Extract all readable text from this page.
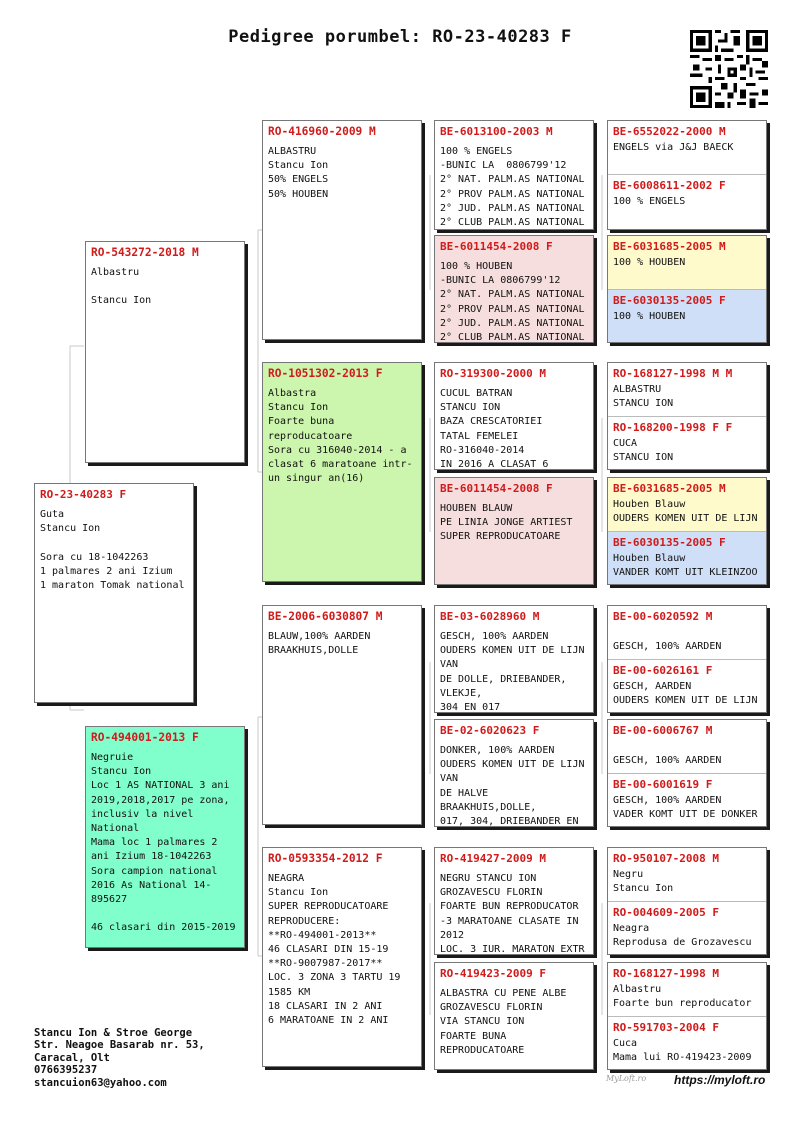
Pedigree porumbel: RO-23-40283 F
RO-23-40283 F
Guta
Stancu Ion

Sora cu 18-1042263
1 palmares 2 ani Izium
1 maraton Tomak national
RO-543272-2018 M
Albastru

Stancu Ion
RO-494001-2013 F
Negruie
Stancu Ion
Loc 1 AS NATIONAL 3 ani 2019,2018,2017 pe zona, inclusiv la nivel National
Mama loc 1 palmares 2 ani Izium 18-1042263
Sora campion national 2016 As National 14-895627

46 clasari din 2015-2019
RO-416960-2009 M
ALBASTRU
Stancu Ion
50% ENGELS
50% HOUBEN
RO-1051302-2013 F
Albastra
Stancu Ion
Foarte buna reproducatoare
Sora cu 316040-2014 - a clasat 6 maratoane intr-un singur an(16)
BE-2006-6030807 M
BLAUW,100% AARDEN
BRAAKHUIS,DOLLE
RO-0593354-2012 F
NEAGRA
Stancu Ion
SUPER REPRODUCATOARE
REPRODUCERE:
**RO-494001-2013**
46 CLASARI DIN 15-19
**RO-9007987-2017**
LOC. 3 ZONA 3 TARTU 19
1585 KM
18 CLASARI IN 2 ANI
6 MARATOANE IN 2 ANI
BE-6013100-2003 M
100 % ENGELS
-BUNIC LA  0806799'12
2° NAT. PALM.AS NATIONAL
2° PROV PALM.AS NATIONAL
2° JUD. PALM.AS NATIONAL
2° CLUB PALM.AS NATIONAL
BE-6011454-2008 F
100 % HOUBEN
-BUNIC LA 0806799'12
2° NAT. PALM.AS NATIONAL
2° PROV PALM.AS NATIONAL
2° JUD. PALM.AS NATIONAL
2° CLUB PALM.AS NATIONAL
RO-319300-2000 M
CUCUL BATRAN
STANCU ION
BAZA CRESCATORIEI
TATAL FEMELEI
RO-316040-2014
IN 2016 A CLASAT 6
BE-6011454-2008 F
HOUBEN BLAUW
PE LINIA JONGE ARTIEST
SUPER REPRODUCATOARE
BE-03-6028960 M
GESCH, 100% AARDEN
OUDERS KOMEN UIT DE LIJN VAN
DE DOLLE, DRIEBANDER, VLEKJE,
304 EN 017
BE-02-6020623 F
DONKER, 100% AARDEN
OUDERS KOMEN UIT DE LIJN VAN
DE HALVE BRAAKHUIS,DOLLE,
017, 304, DRIEBANDER EN
RO-419427-2009 M
NEGRU STANCU ION
GROZAVESCU FLORIN
FOARTE BUN REPRODUCATOR
-3 MARATOANE CLASATE IN 2012
LOC. 3 IUR. MARATON EXTR
RO-419423-2009 F
ALBASTRA CU PENE ALBE
GROZAVESCU FLORIN
VIA STANCU ION
FOARTE BUNA REPRODUCATOARE
BE-6552022-2000 M
ENGELS via J&J BAECK
BE-6008611-2002 F
100 % ENGELS
BE-6031685-2005 M
100 % HOUBEN
BE-6030135-2005 F
100 % HOUBEN
RO-168127-1998 M M
ALBASTRU
STANCU ION
RO-168200-1998 F F
CUCA
STANCU ION
BE-6031685-2005 M
Houben Blauw
OUDERS KOMEN UIT DE LIJN
BE-6030135-2005 F
Houben Blauw
VANDER KOMT UIT KLEINZOO
BE-00-6020592 M

GESCH, 100% AARDEN
BE-00-6026161 F
GESCH, AARDEN
OUDERS KOMEN UIT DE LIJN
BE-00-6006767 M

GESCH, 100% AARDEN
BE-00-6001619 F
GESCH, 100% AARDEN
VADER KOMT UIT DE DONKER
RO-950107-2008 M
Negru
Stancu Ion
RO-004609-2005 F
Neagra
Reprodusa de Grozavescu
RO-168127-1998 M
Albastru
Foarte bun reproducator
RO-591703-2004 F
Cuca
Mama lui RO-419423-2009
Stancu Ion & Stroe George
Str. Neagoe Basarab nr. 53,
Caracal, Olt
0766395237
stancuion63@yahoo.com	MyLoft.ro https://myloft.ro
